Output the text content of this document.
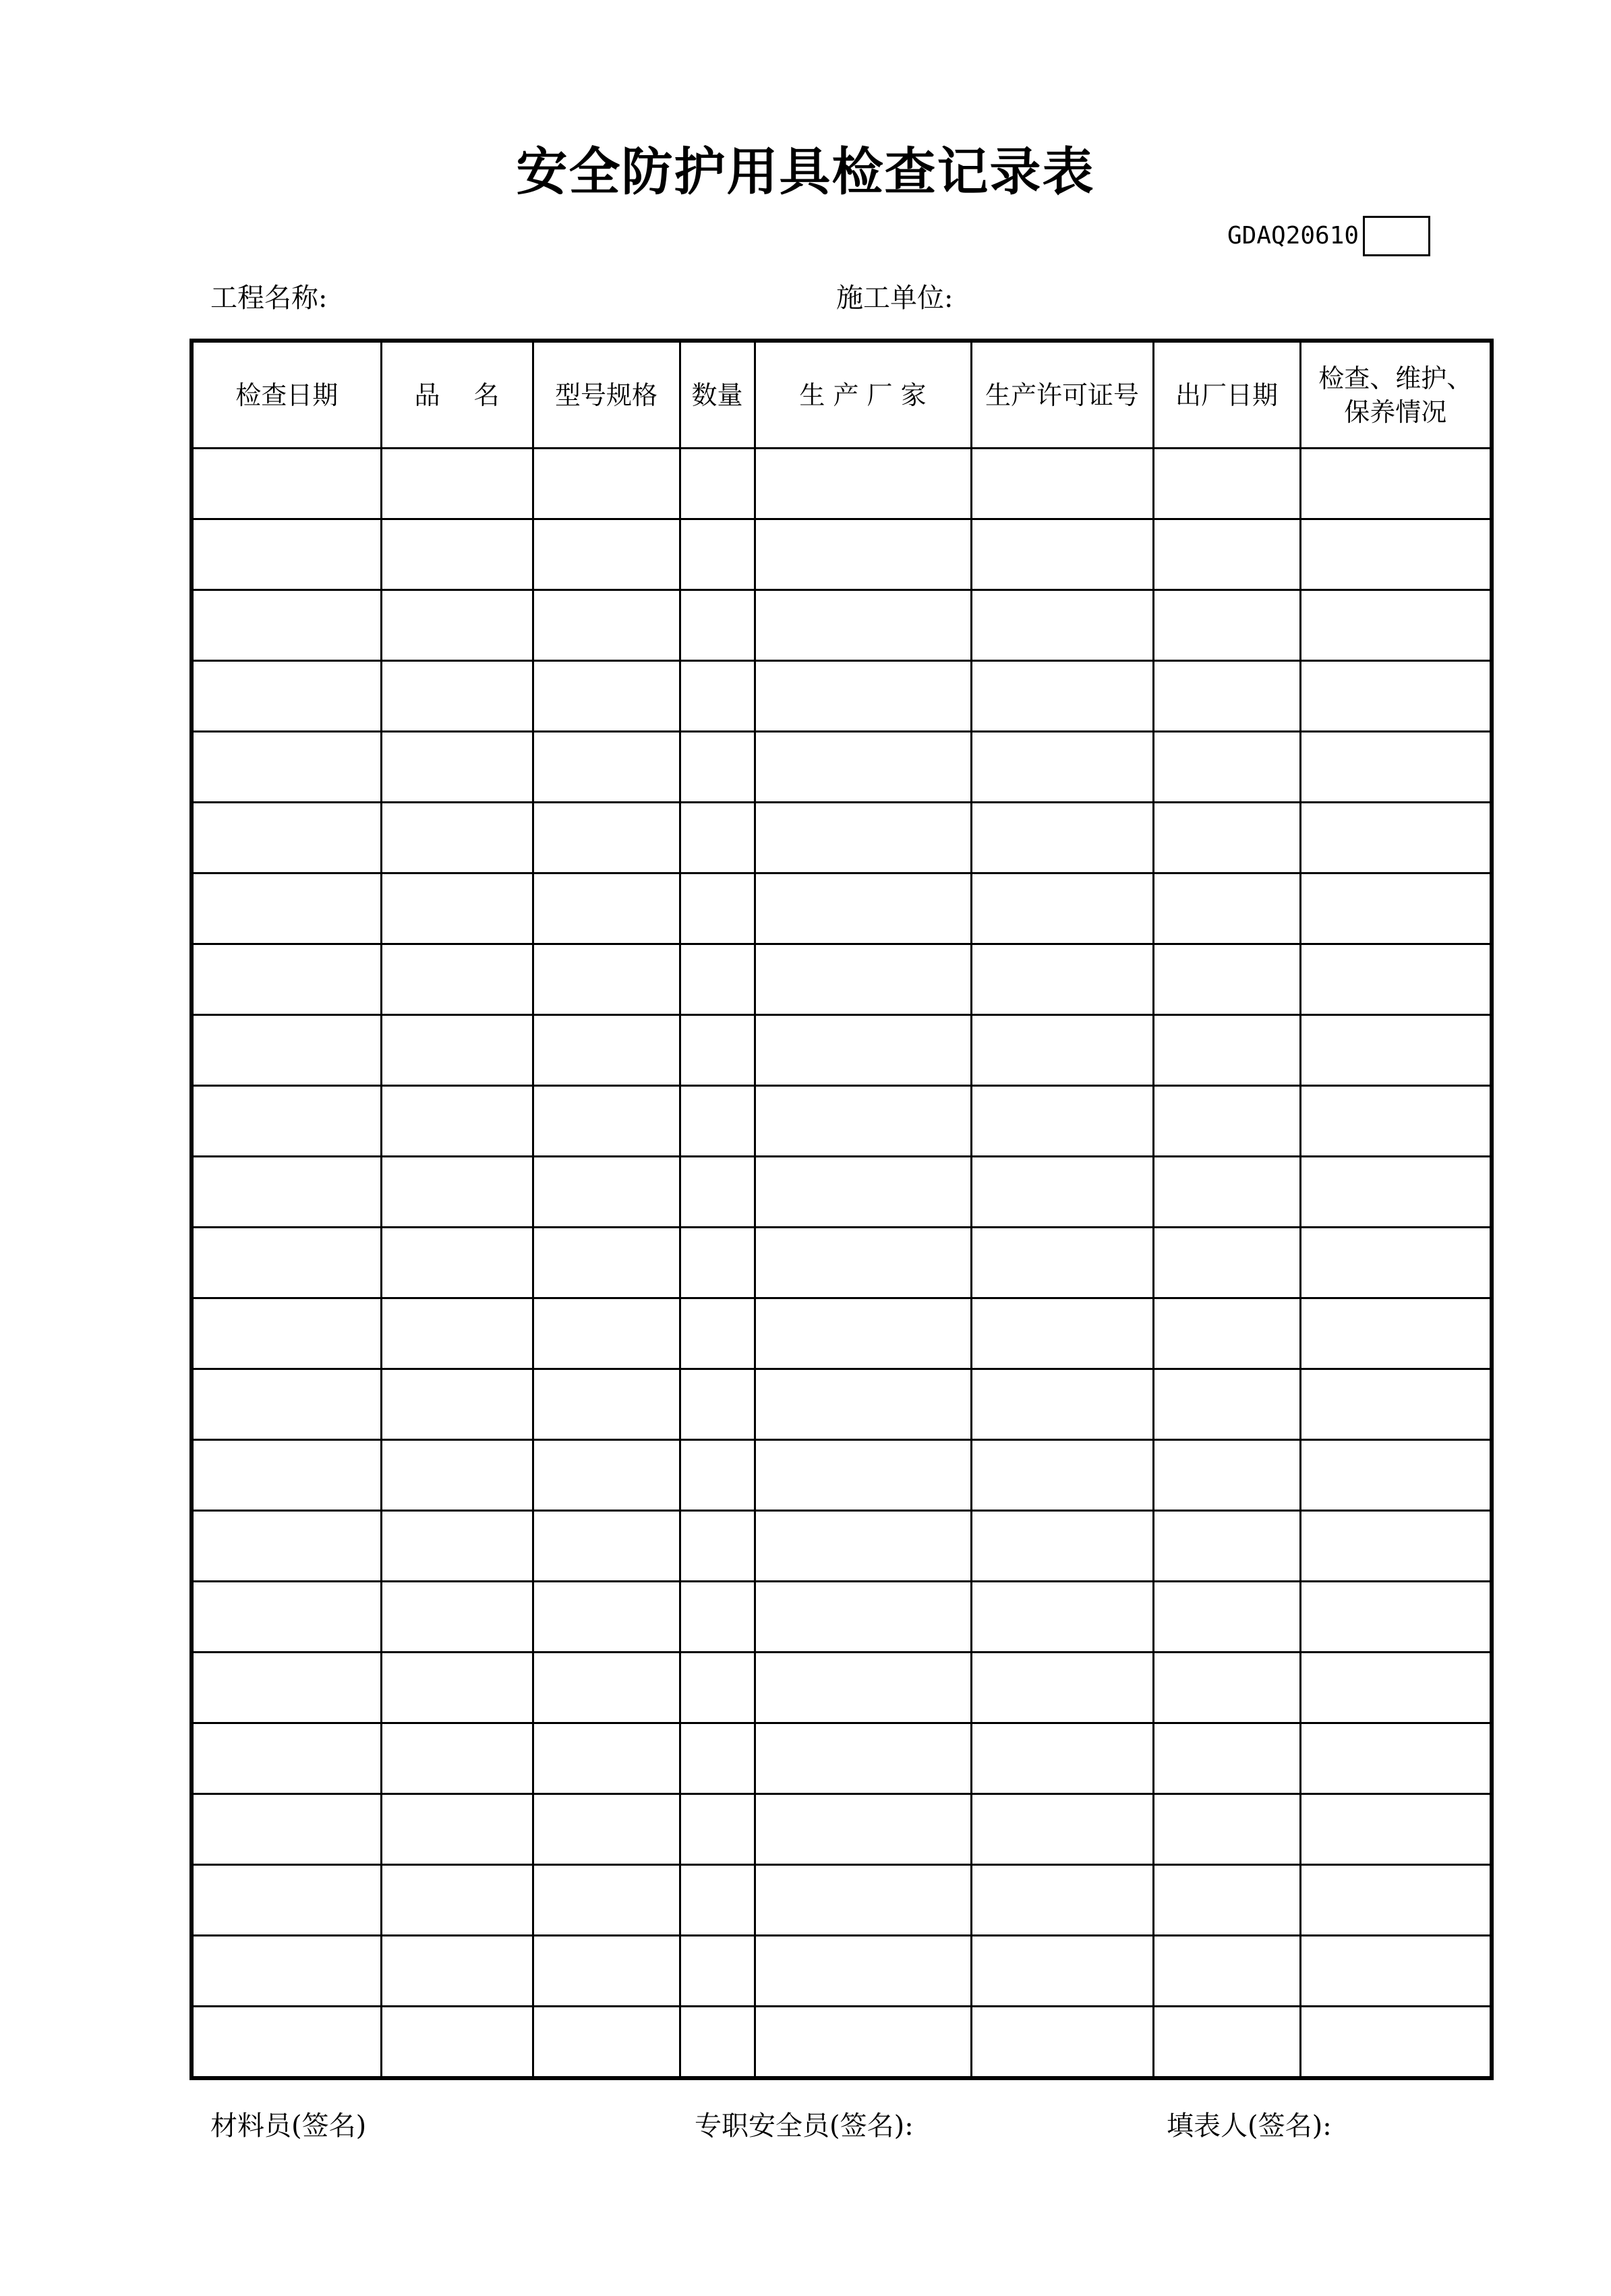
安全防护用具检查记录表
GDAQ20610
工程名称:	施工单位:
检查日期	品　 名	型号规格	数量	生 产 厂 家	生产许可证号	出厂日期	检查、维护、
保养情况

材料员(签名)	专职安全员(签名):	填表人(签名):
